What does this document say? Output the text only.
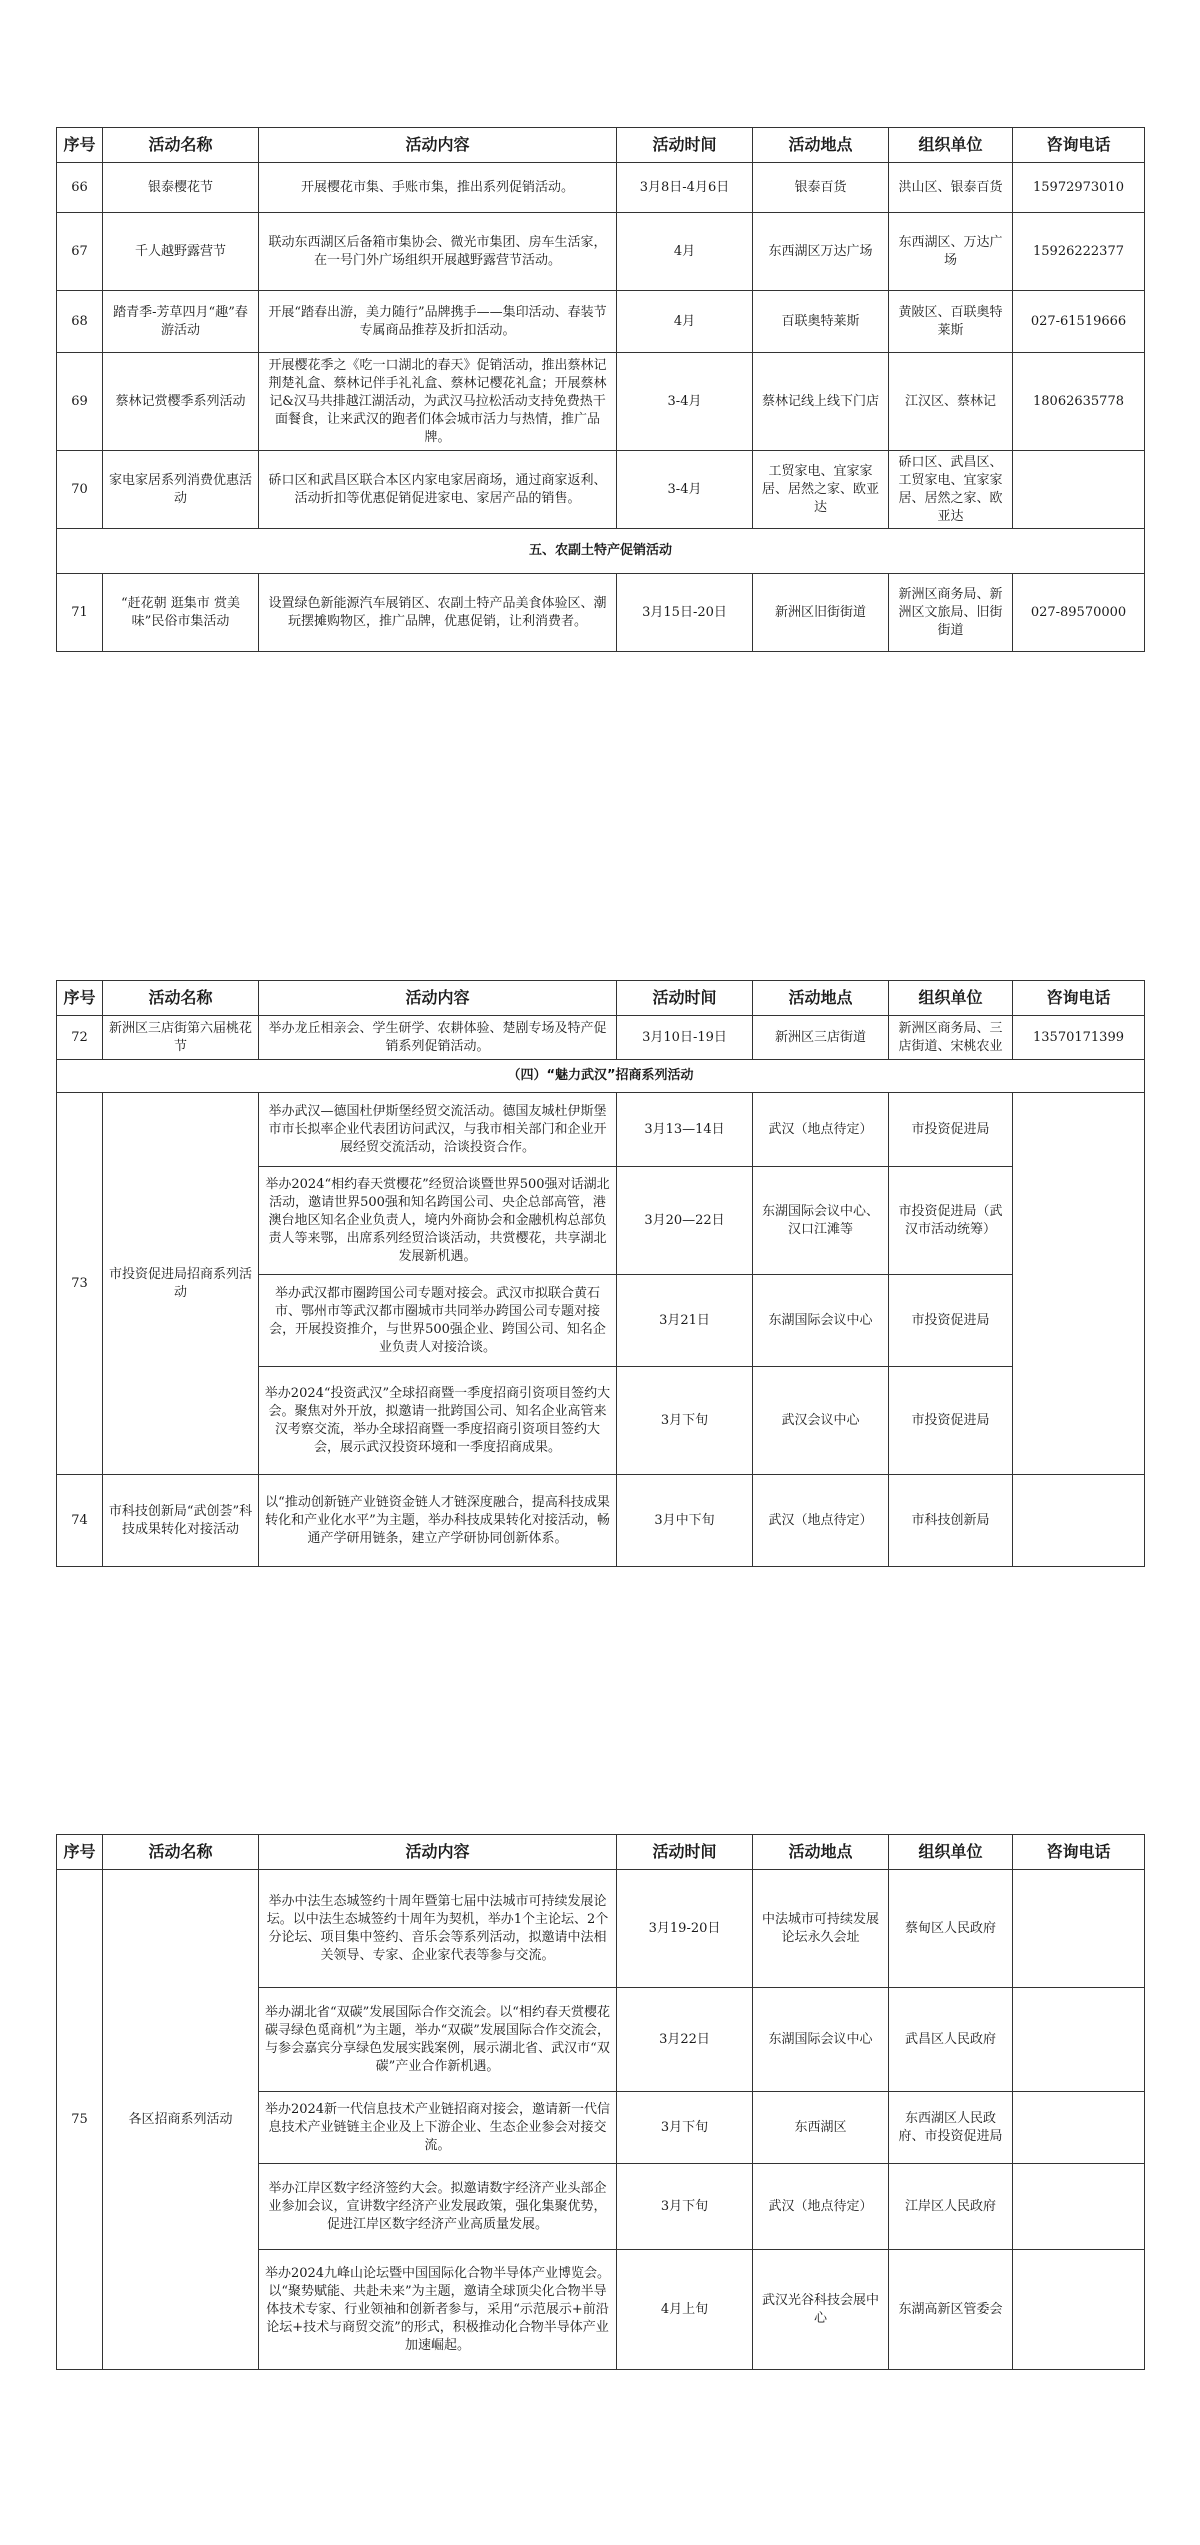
序号	活动名称	活动内容	活动时间	活动地点	组织单位	咨询电话
66	银泰樱花节	开展樱花市集、手账市集，推出系列促销活动。	3月8日-4月6日	银泰百货	洪山区、银泰百货	15972973010
67	千人越野露营节	联动东西湖区后备箱市集协会、微光市集团、房车生活家，在一号门外广场组织开展越野露营节活动。	4月	东西湖区万达广场	东西湖区、万达广场	15926222377
68	踏青季-芳草四月“趣”春游活动	开展“踏春出游，美力随行”品牌携手——集印活动、春装节专属商品推荐及折扣活动。	4月	百联奥特莱斯	黄陂区、百联奥特莱斯	027-61519666
69	蔡林记赏樱季系列活动	开展樱花季之《吃一口湖北的春天》促销活动，推出蔡林记荆楚礼盒、蔡林记伴手礼礼盒、蔡林记樱花礼盒；开展蔡林记&汉马共排越江湖活动，为武汉马拉松活动支持免费热干面餐食，让来武汉的跑者们体会城市活力与热情，推广品牌。	3-4月	蔡林记线上线下门店	江汉区、蔡林记	18062635778
70	家电家居系列消费优惠活动	硚口区和武昌区联合本区内家电家居商场，通过商家返利、活动折扣等优惠促销促进家电、家居产品的销售。	3-4月	工贸家电、宜家家居、居然之家、欧亚达	硚口区、武昌区、工贸家电、宜家家居、居然之家、欧亚达	
五、农副土特产促销活动						
71	“赶花朝 逛集市 赏美味”民俗市集活动	设置绿色新能源汽车展销区、农副土特产品美食体验区、潮玩摆摊购物区，推广品牌，优惠促销，让利消费者。	3月15日-20日	新洲区旧街街道	新洲区商务局、新洲区文旅局、旧街街道	027-89570000
序号	活动名称	活动内容	活动时间	活动地点	组织单位	咨询电话
72	新洲区三店街第六届桃花节	举办龙丘相亲会、学生研学、农耕体验、楚剧专场及特产促销系列促销活动。	3月10日-19日	新洲区三店街道	新洲区商务局、三店街道、宋桃农业	13570171399
（四）“魅力武汉”招商系列活动						
73	市投资促进局招商系列活动	举办武汉—德国杜伊斯堡经贸交流活动。德国友城杜伊斯堡市市长拟率企业代表团访问武汉，与我市相关部门和企业开展经贸交流活动，洽谈投资合作。	3月13—14日	武汉（地点待定）	市投资促进局	
		举办2024“相约春天赏樱花”经贸洽谈暨世界500强对话湖北活动，邀请世界500强和知名跨国公司、央企总部高管，港澳台地区知名企业负责人，境内外商协会和金融机构总部负责人等来鄂，出席系列经贸洽谈活动，共赏樱花，共享湖北发展新机遇。	3月20—22日	东湖国际会议中心、汉口江滩等	市投资促进局（武汉市活动统筹）	
		举办武汉都市圈跨国公司专题对接会。武汉市拟联合黄石市、鄂州市等武汉都市圈城市共同举办跨国公司专题对接会，开展投资推介，与世界500强企业、跨国公司、知名企业负责人对接洽谈。	3月21日	东湖国际会议中心	市投资促进局	
		举办2024“投资武汉”全球招商暨一季度招商引资项目签约大会。聚焦对外开放，拟邀请一批跨国公司、知名企业高管来汉考察交流，举办全球招商暨一季度招商引资项目签约大会，展示武汉投资环境和一季度招商成果。	3月下旬	武汉会议中心	市投资促进局	
74	市科技创新局“武创荟”科技成果转化对接活动	以“推动创新链产业链资金链人才链深度融合，提高科技成果转化和产业化水平”为主题，举办科技成果转化对接活动，畅通产学研用链条，建立产学研协同创新体系。	3月中下旬	武汉（地点待定）	市科技创新局	
序号	活动名称	活动内容	活动时间	活动地点	组织单位	咨询电话
75	各区招商系列活动	举办中法生态城签约十周年暨第七届中法城市可持续发展论坛。以中法生态城签约十周年为契机，举办1个主论坛、2个分论坛、项目集中签约、音乐会等系列活动，拟邀请中法相关领导、专家、企业家代表等参与交流。	3月19-20日	中法城市可持续发展论坛永久会址	蔡甸区人民政府	
		举办湖北省“双碳”发展国际合作交流会。以“相约春天赏樱花 碳寻绿色觅商机”为主题，举办“双碳”发展国际合作交流会，与参会嘉宾分享绿色发展实践案例，展示湖北省、武汉市“双碳”产业合作新机遇。	3月22日	东湖国际会议中心	武昌区人民政府	
		举办2024新一代信息技术产业链招商对接会，邀请新一代信息技术产业链链主企业及上下游企业、生态企业参会对接交流。	3月下旬	东西湖区	东西湖区人民政府、市投资促进局	
		举办江岸区数字经济签约大会。拟邀请数字经济产业头部企业参加会议，宣讲数字经济产业发展政策，强化集聚优势，促进江岸区数字经济产业高质量发展。	3月下旬	武汉（地点待定）	江岸区人民政府	
		举办2024九峰山论坛暨中国国际化合物半导体产业博览会。以“聚势赋能、共赴未来”为主题，邀请全球顶尖化合物半导体技术专家、行业领袖和创新者参与，采用“示范展示+前沿论坛+技术与商贸交流”的形式，积极推动化合物半导体产业加速崛起。	4月上旬	武汉光谷科技会展中心	东湖高新区管委会	
